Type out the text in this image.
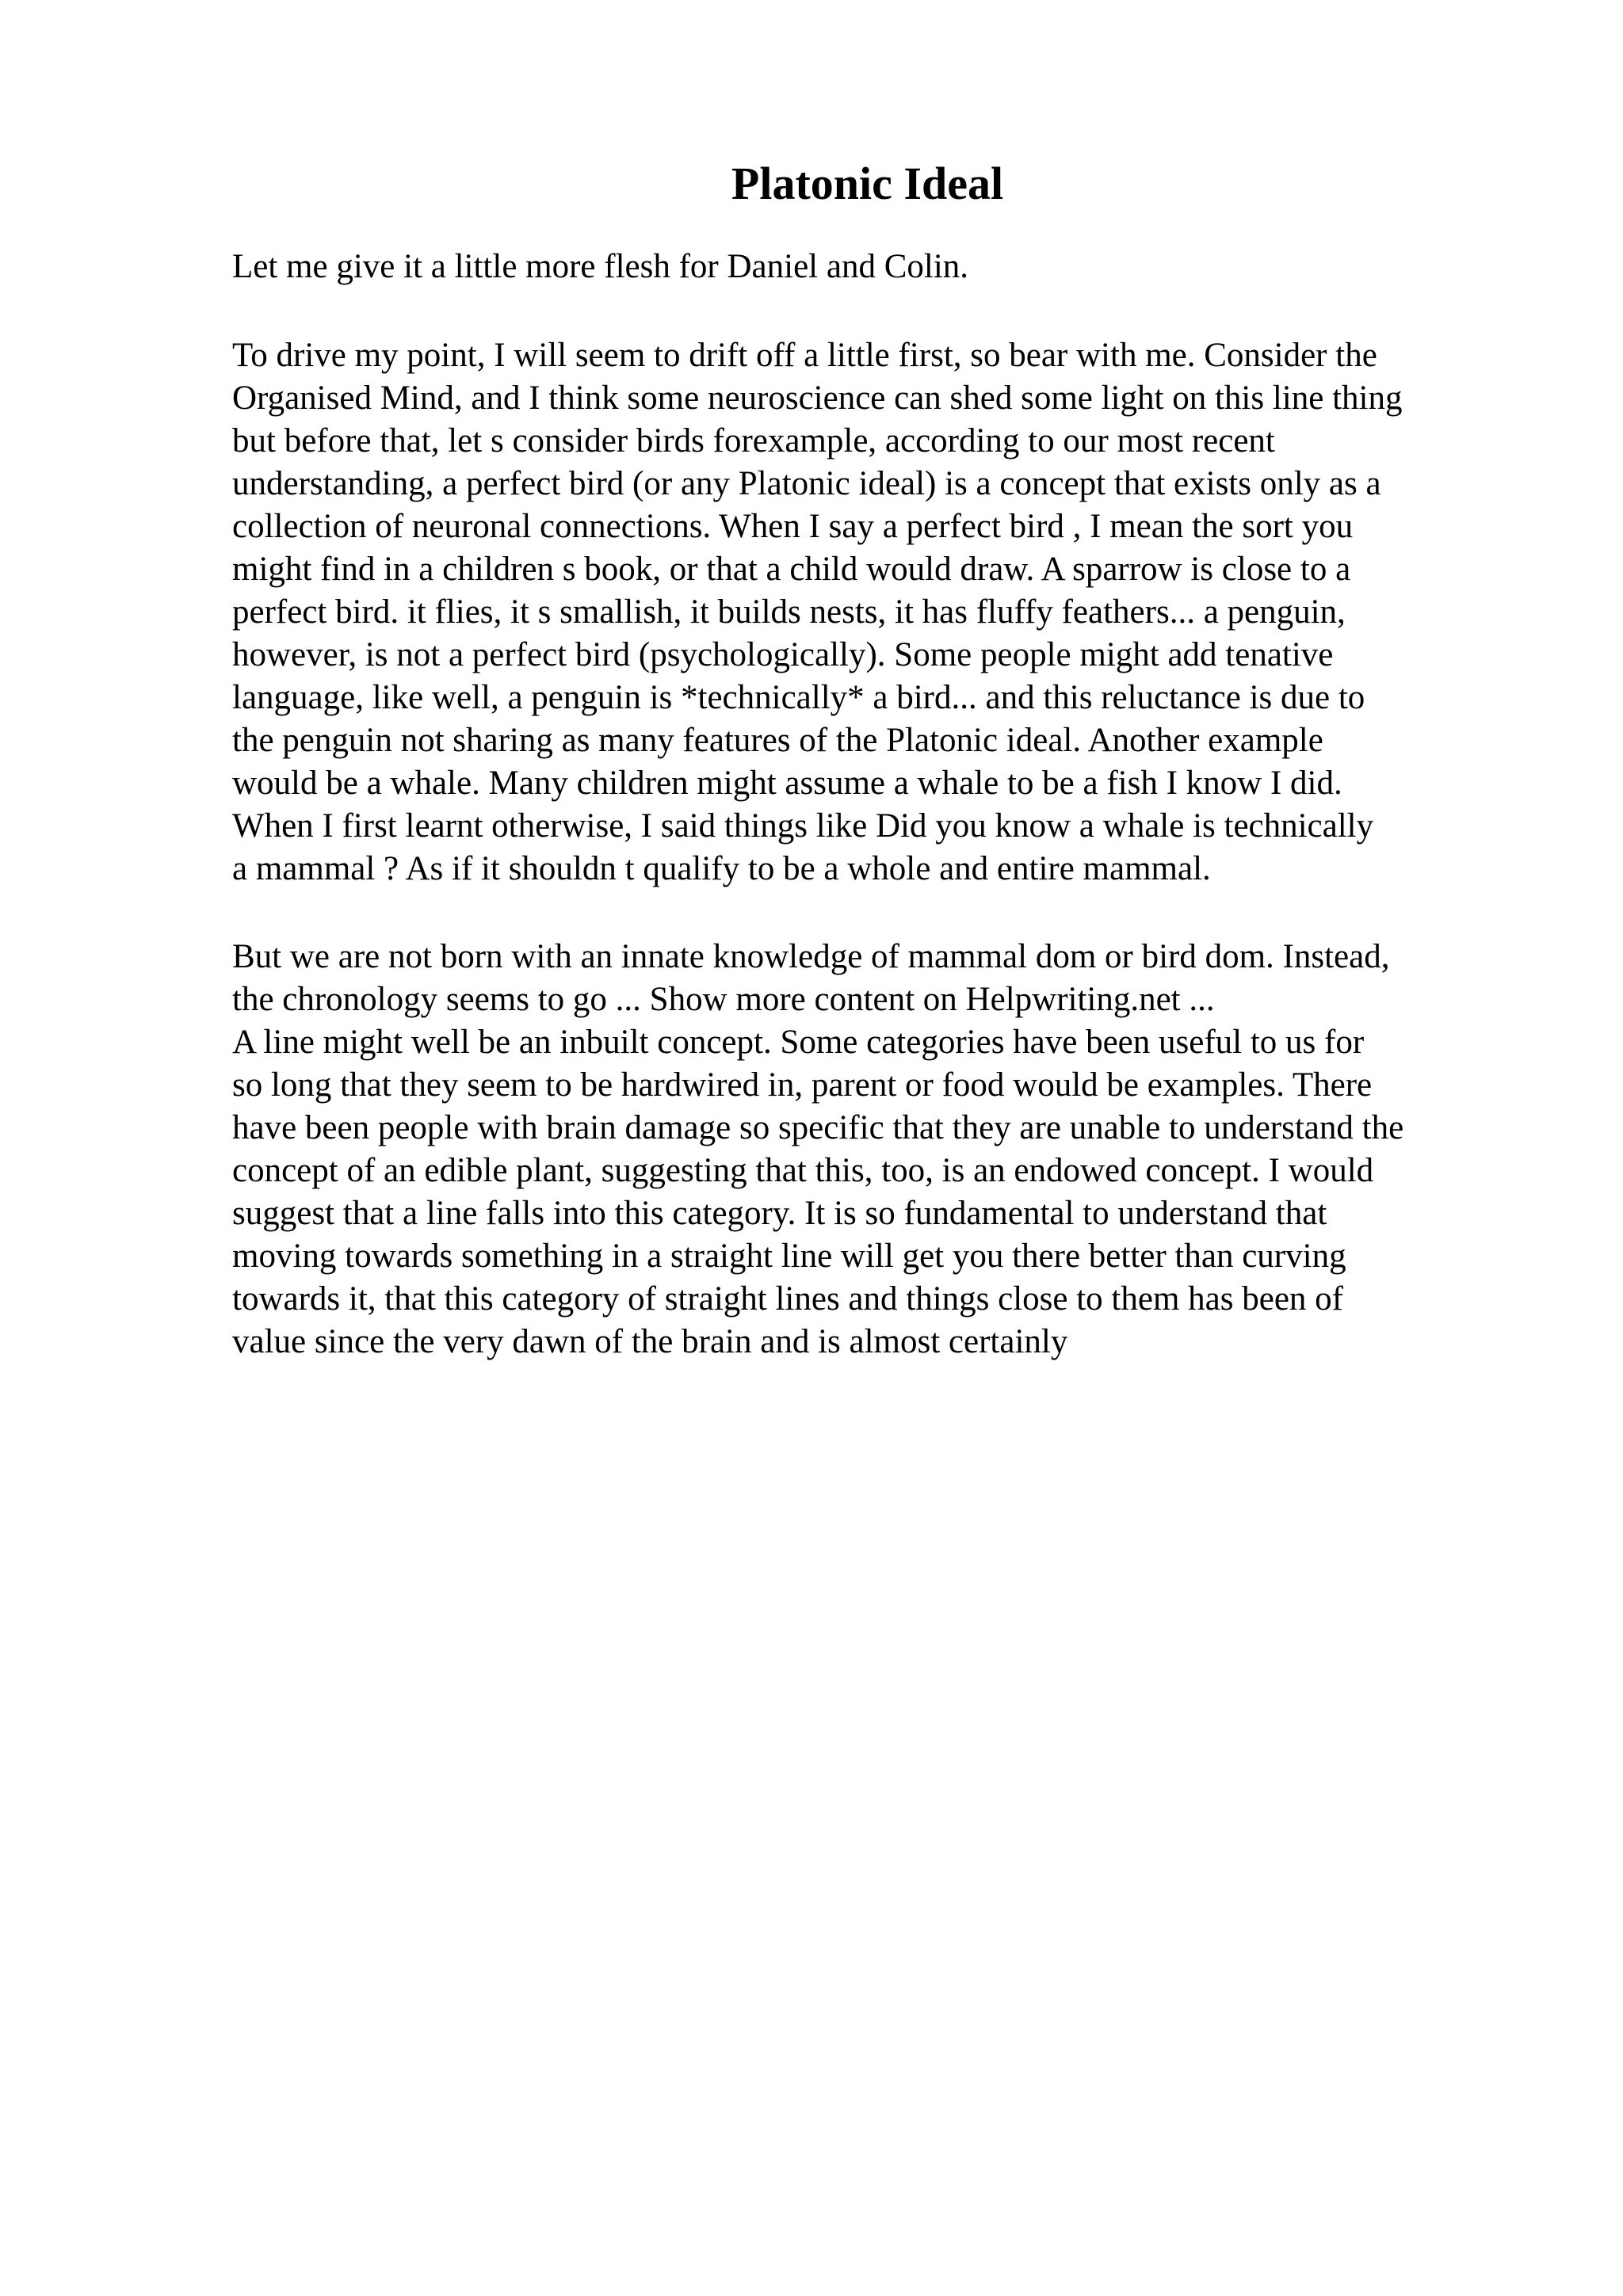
Platonic Ideal

Let me give it a little more flesh for Daniel and Colin.

To drive my point, I will seem to drift off a little first, so bear with me. Consider the
Organised Mind, and I think some neuroscience can shed some light on this line thing
but before that, let s consider birds forexample, according to our most recent
understanding, a perfect bird (or any Platonic ideal) is a concept that exists only as a
collection of neuronal connections. When I say a perfect bird , I mean the sort you
might find in a children s book, or that a child would draw. A sparrow is close to a
perfect bird. it flies, it s smallish, it builds nests, it has fluffy feathers... a penguin,
however, is not a perfect bird (psychologically). Some people might add tenative
language, like well, a penguin is *technically* a bird... and this reluctance is due to
the penguin not sharing as many features of the Platonic ideal. Another example
would be a whale. Many children might assume a whale to be a fish I know I did.
When I first learnt otherwise, I said things like Did you know a whale is technically
a mammal ? As if it shouldn t qualify to be a whole and entire mammal.

But we are not born with an innate knowledge of mammal dom or bird dom. Instead,
the chronology seems to go ... Show more content on Helpwriting.net ...
A line might well be an inbuilt concept. Some categories have been useful to us for
so long that they seem to be hardwired in, parent or food would be examples. There
have been people with brain damage so specific that they are unable to understand the
concept of an edible plant, suggesting that this, too, is an endowed concept. I would
suggest that a line falls into this category. It is so fundamental to understand that
moving towards something in a straight line will get you there better than curving
towards it, that this category of straight lines and things close to them has been of
value since the very dawn of the brain and is almost certainly
